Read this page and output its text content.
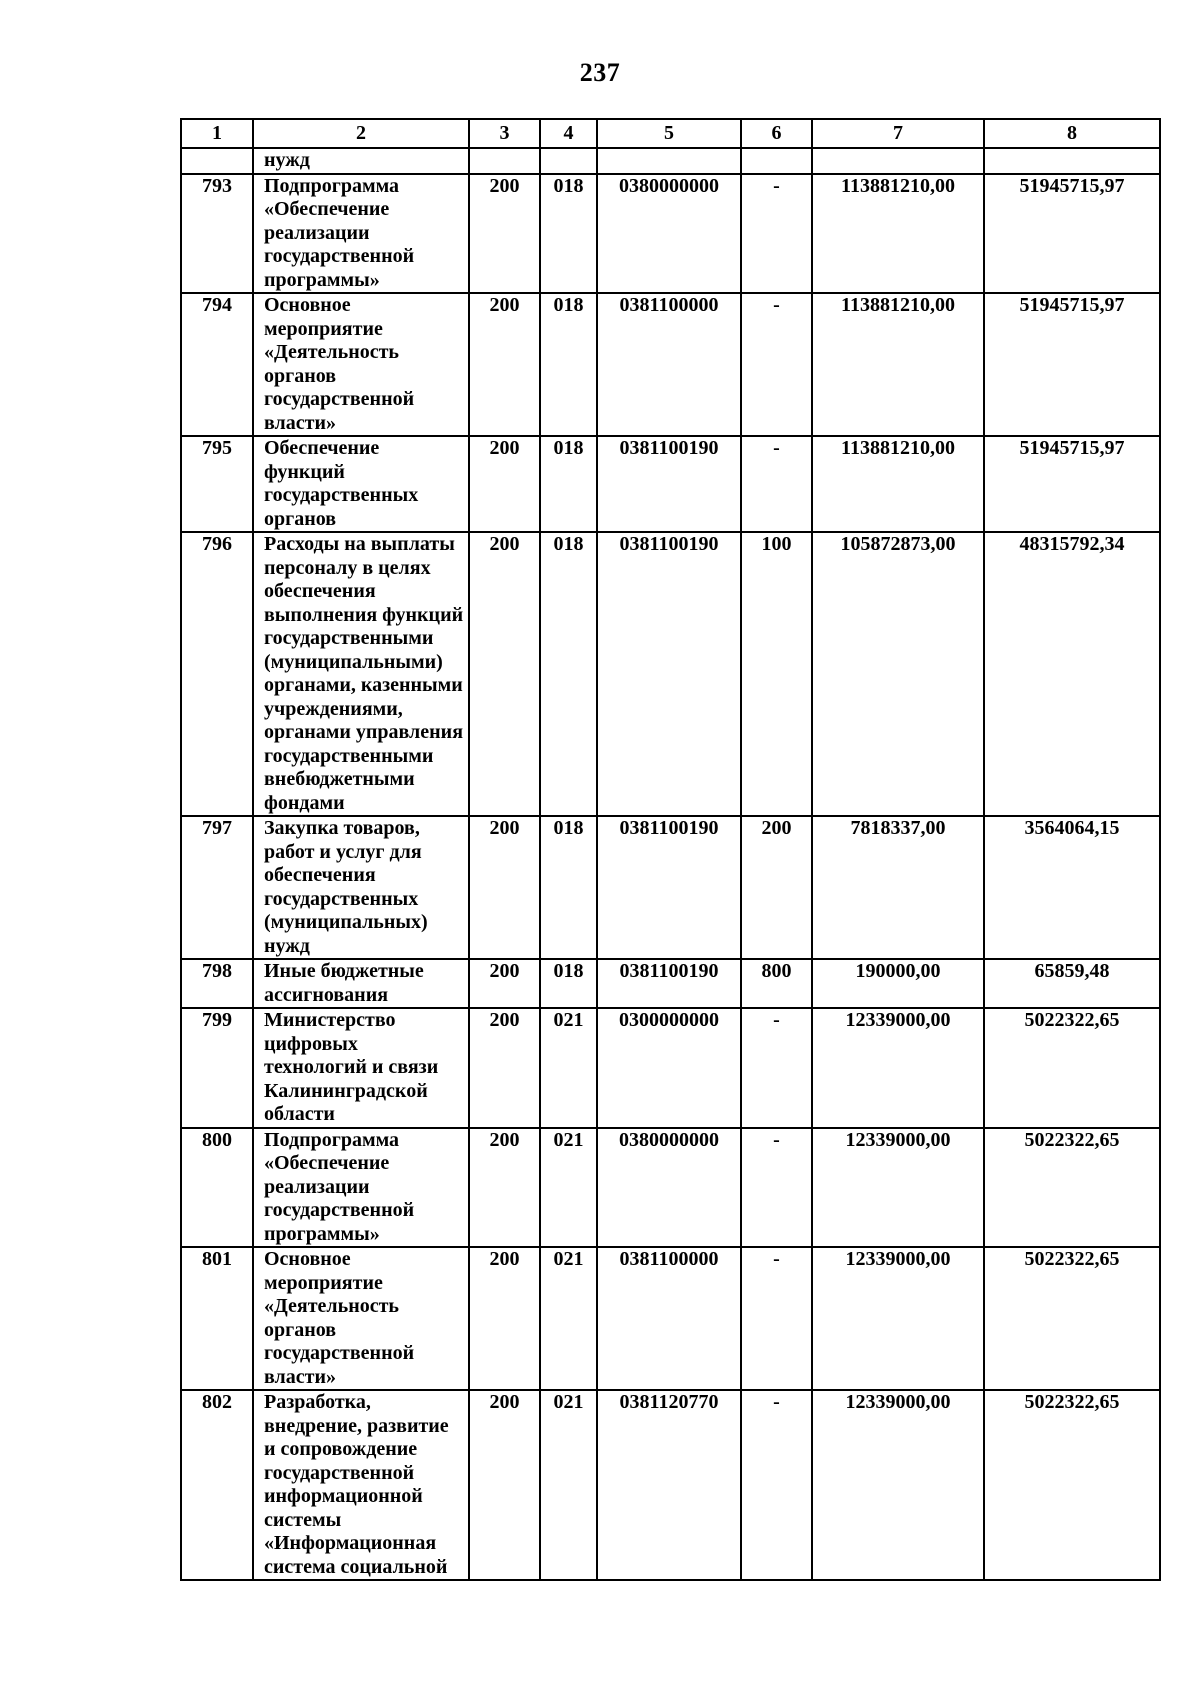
237
1	2	3	4	5	6	7	8
	нужд						
793	Подпрограмма «Обеспечение реализации государственной программы»	200	018	0380000000	-	113881210,00	51945715,97
794	Основное мероприятие «Деятельность органов государственной власти»	200	018	0381100000	-	113881210,00	51945715,97
795	Обеспечение функций государственных органов	200	018	0381100190	-	113881210,00	51945715,97
796	Расходы на выплаты персоналу в целях обеспечения выполнения функций государственными (муниципальными) органами, казенными учреждениями, органами управления государственными внебюджетными фондами	200	018	0381100190	100	105872873,00	48315792,34
797	Закупка товаров, работ и услуг для обеспечения государственных (муниципальных) нужд	200	018	0381100190	200	7818337,00	3564064,15
798	Иные бюджетные ассигнования	200	018	0381100190	800	190000,00	65859,48
799	Министерство цифровых технологий и связи Калининградской области	200	021	0300000000	-	12339000,00	5022322,65
800	Подпрограмма «Обеспечение реализации государственной программы»	200	021	0380000000	-	12339000,00	5022322,65
801	Основное мероприятие «Деятельность органов государственной власти»	200	021	0381100000	-	12339000,00	5022322,65
802	Разработка, внедрение, развитие и сопровождение государственной информационной системы «Информационная система социальной	200	021	0381120770	-	12339000,00	5022322,65
